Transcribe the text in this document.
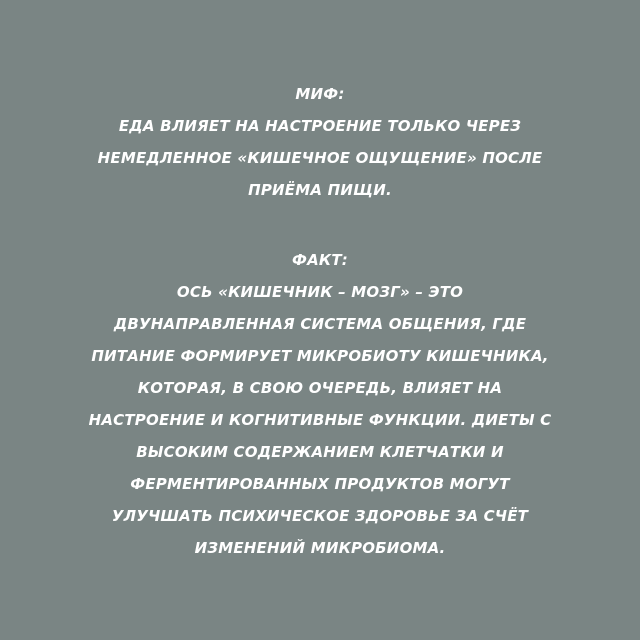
МИФ:
ЕДА ВЛИЯЕТ НА НАСТРОЕНИЕ ТОЛЬКО ЧЕРЕЗ
НЕМЕДЛЕННОЕ «КИШЕЧНОЕ ОЩУЩЕНИЕ» ПОСЛЕ
ПРИЁМА ПИЩИ.
ФАКТ:
ОСЬ «КИШЕЧНИК – МОЗГ» – ЭТО
ДВУНАПРАВЛЕННАЯ СИСТЕМА ОБЩЕНИЯ, ГДЕ
ПИТАНИЕ ФОРМИРУЕТ МИКРОБИОТУ КИШЕЧНИКА,
КОТОРАЯ, В СВОЮ ОЧЕРЕДЬ, ВЛИЯЕТ НА
НАСТРОЕНИЕ И КОГНИТИВНЫЕ ФУНКЦИИ. ДИЕТЫ С
ВЫСОКИМ СОДЕРЖАНИЕМ КЛЕТЧАТКИ И
ФЕРМЕНТИРОВАННЫХ ПРОДУКТОВ МОГУТ
УЛУЧШАТЬ ПСИХИЧЕСКОЕ ЗДОРОВЬЕ ЗА СЧЁТ
ИЗМЕНЕНИЙ МИКРОБИОМА.
